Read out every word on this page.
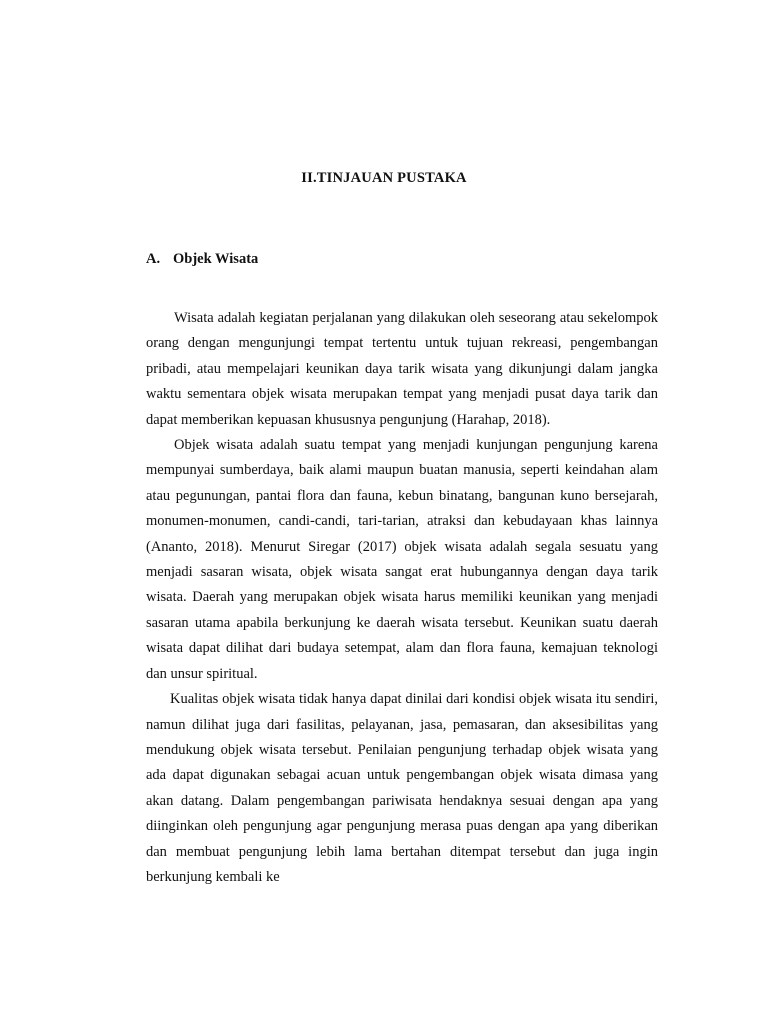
II.TINJAUAN PUSTAKA
A. Objek Wisata

Wisata adalah kegiatan perjalanan yang dilakukan oleh seseorang atau sekelompok orang dengan mengunjungi tempat tertentu untuk tujuan rekreasi, pengembangan pribadi, atau mempelajari keunikan daya tarik wisata yang dikunjungi dalam jangka waktu sementara objek wisata merupakan tempat yang menjadi pusat daya tarik dan dapat memberikan kepuasan khususnya pengunjung (Harahap, 2018).

Objek wisata adalah suatu tempat yang menjadi kunjungan pengunjung karena mempunyai sumberdaya, baik alami maupun buatan manusia, seperti keindahan alam atau pegunungan, pantai flora dan fauna, kebun binatang, bangunan kuno bersejarah, monumen-monumen, candi-candi, tari-tarian, atraksi dan kebudayaan khas lainnya (Ananto, 2018). Menurut Siregar (2017) objek wisata adalah segala sesuatu yang menjadi sasaran wisata, objek wisata sangat erat hubungannya dengan daya tarik wisata. Daerah yang merupakan objek wisata harus memiliki keunikan yang menjadi sasaran utama apabila berkunjung ke daerah wisata tersebut. Keunikan suatu daerah wisata dapat dilihat dari budaya setempat, alam dan flora fauna, kemajuan teknologi dan unsur spiritual.

Kualitas objek wisata tidak hanya dapat dinilai dari kondisi objek wisata itu sendiri, namun dilihat juga dari fasilitas, pelayanan, jasa, pemasaran, dan aksesibilitas yang mendukung objek wisata tersebut. Penilaian pengunjung terhadap objek wisata yang ada dapat digunakan sebagai acuan untuk pengembangan objek wisata dimasa yang akan datang. Dalam pengembangan pariwisata hendaknya sesuai dengan apa yang diinginkan oleh pengunjung agar pengunjung merasa puas dengan apa yang diberikan dan membuat pengunjung lebih lama bertahan ditempat tersebut dan juga ingin berkunjung kembali ke
